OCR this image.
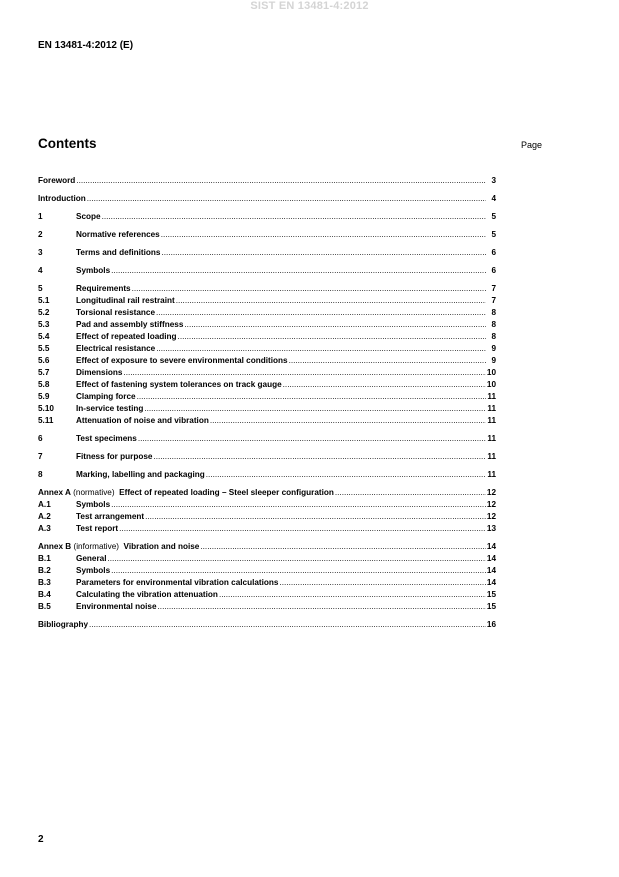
SIST EN 13481-4:2012
EN 13481-4:2012 (E)
Contents	Page
Foreword .....	3
Introduction .....	4
1	Scope .....	5
2	Normative references .....	5
3	Terms and definitions .....	6
4	Symbols .....	6
5	Requirements .....	7
5.1	Longitudinal rail restraint .....	7
5.2	Torsional resistance .....	8
5.3	Pad and assembly stiffness .....	8
5.4	Effect of repeated loading .....	8
5.5	Electrical resistance .....	9
5.6	Effect of exposure to severe environmental conditions .....	9
5.7	Dimensions .....	10
5.8	Effect of fastening system tolerances on track gauge .....	10
5.9	Clamping force .....	11
5.10	In-service testing .....	11
5.11	Attenuation of noise and vibration .....	11
6	Test specimens .....	11
7	Fitness for purpose .....	11
8	Marking, labelling and packaging .....	11
Annex A (normative)  Effect of repeated loading – Steel sleeper configuration .....	12
A.1	Symbols .....	12
A.2	Test arrangement .....	12
A.3	Test report .....	13
Annex B (informative)  Vibration and noise .....	14
B.1	General .....	14
B.2	Symbols .....	14
B.3	Parameters for environmental vibration calculations .....	14
B.4	Calculating the vibration attenuation .....	15
B.5	Environmental noise .....	15
Bibliography .....	16
2
